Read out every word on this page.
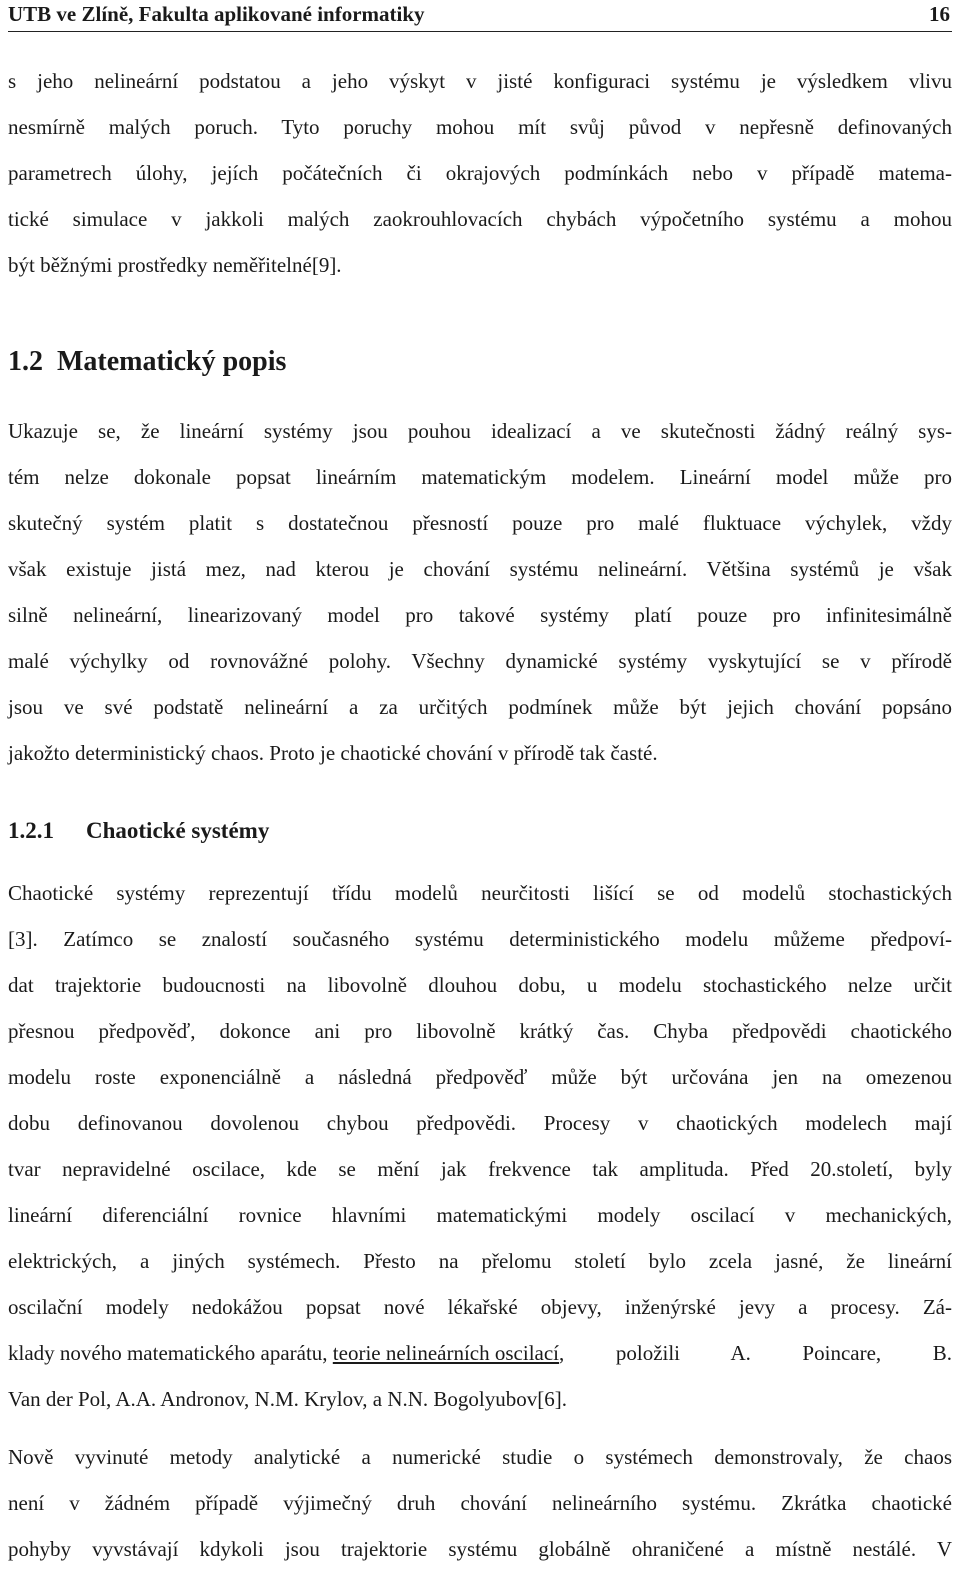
UTB ve Zlíně, Fakulta aplikované informatiky	16
s jeho nelineární podstatou a jeho výskyt v jisté konfiguraci systému je výsledkem vlivu
nesmírně malých poruch. Tyto poruchy mohou mít svůj původ v nepřesně definovaných
parametrech úlohy, jejích počátečních či okrajových podmínkách nebo v případě matema-
tické simulace v jakkoli malých zaokrouhlovacích chybách výpočetního systému a mohou
být běžnými prostředky neměřitelné[9].
1.2 Matematický popis
Ukazuje se, že lineární systémy jsou pouhou idealizací a ve skutečnosti žádný reálný sys-
tém nelze dokonale popsat lineárním matematickým modelem. Lineární model může pro
skutečný systém platit s dostatečnou přesností pouze pro malé fluktuace výchylek, vždy
však existuje jistá mez, nad kterou je chování systému nelineární. Většina systémů je však
silně nelineární, linearizovaný model pro takové systémy platí pouze pro infinitesimálně
malé výchylky od rovnovážné polohy. Všechny dynamické systémy vyskytující se v přírodě
jsou ve své podstatě nelineární a za určitých podmínek může být jejich chování popsáno
jakožto deterministický chaos. Proto je chaotické chování v přírodě tak časté.
1.2.1 Chaotické systémy
Chaotické systémy reprezentují třídu modelů neurčitosti lišící se od modelů stochastických
[3]. Zatímco se znalostí současného systému deterministického modelu můžeme předpoví-
dat trajektorie budoucnosti na libovolně dlouhou dobu, u modelu stochastického nelze určit
přesnou předpověď, dokonce ani pro libovolně krátký čas. Chyba předpovědi chaotického
modelu roste exponenciálně a následná předpověď může být určována jen na omezenou
dobu definovanou dovolenou chybou předpovědi. Procesy v chaotických modelech mají
tvar nepravidelné oscilace, kde se mění jak frekvence tak amplituda. Před 20.století, byly
lineární diferenciální rovnice hlavními matematickými modely oscilací v mechanických,
elektrických, a jiných systémech. Přesto na přelomu století bylo zcela jasné, že lineární
oscilační modely nedokážou popsat nové lékařské objevy, inženýrské jevy a procesy. Zá-
klady nového matematického aparátu, teorie nelineárních oscilací , položili A. Poincare, B.
Van der Pol, A.A. Andronov, N.M. Krylov, a N.N. Bogolyubov[6].
Nově vyvinuté metody analytické a numerické studie o systémech demonstrovaly, že chaos
není v žádném případě výjimečný druh chování nelineárního systému. Zkrátka chaotické
pohyby vyvstávají kdykoli jsou trajektorie systému globálně ohraničené a místně nestálé. V
